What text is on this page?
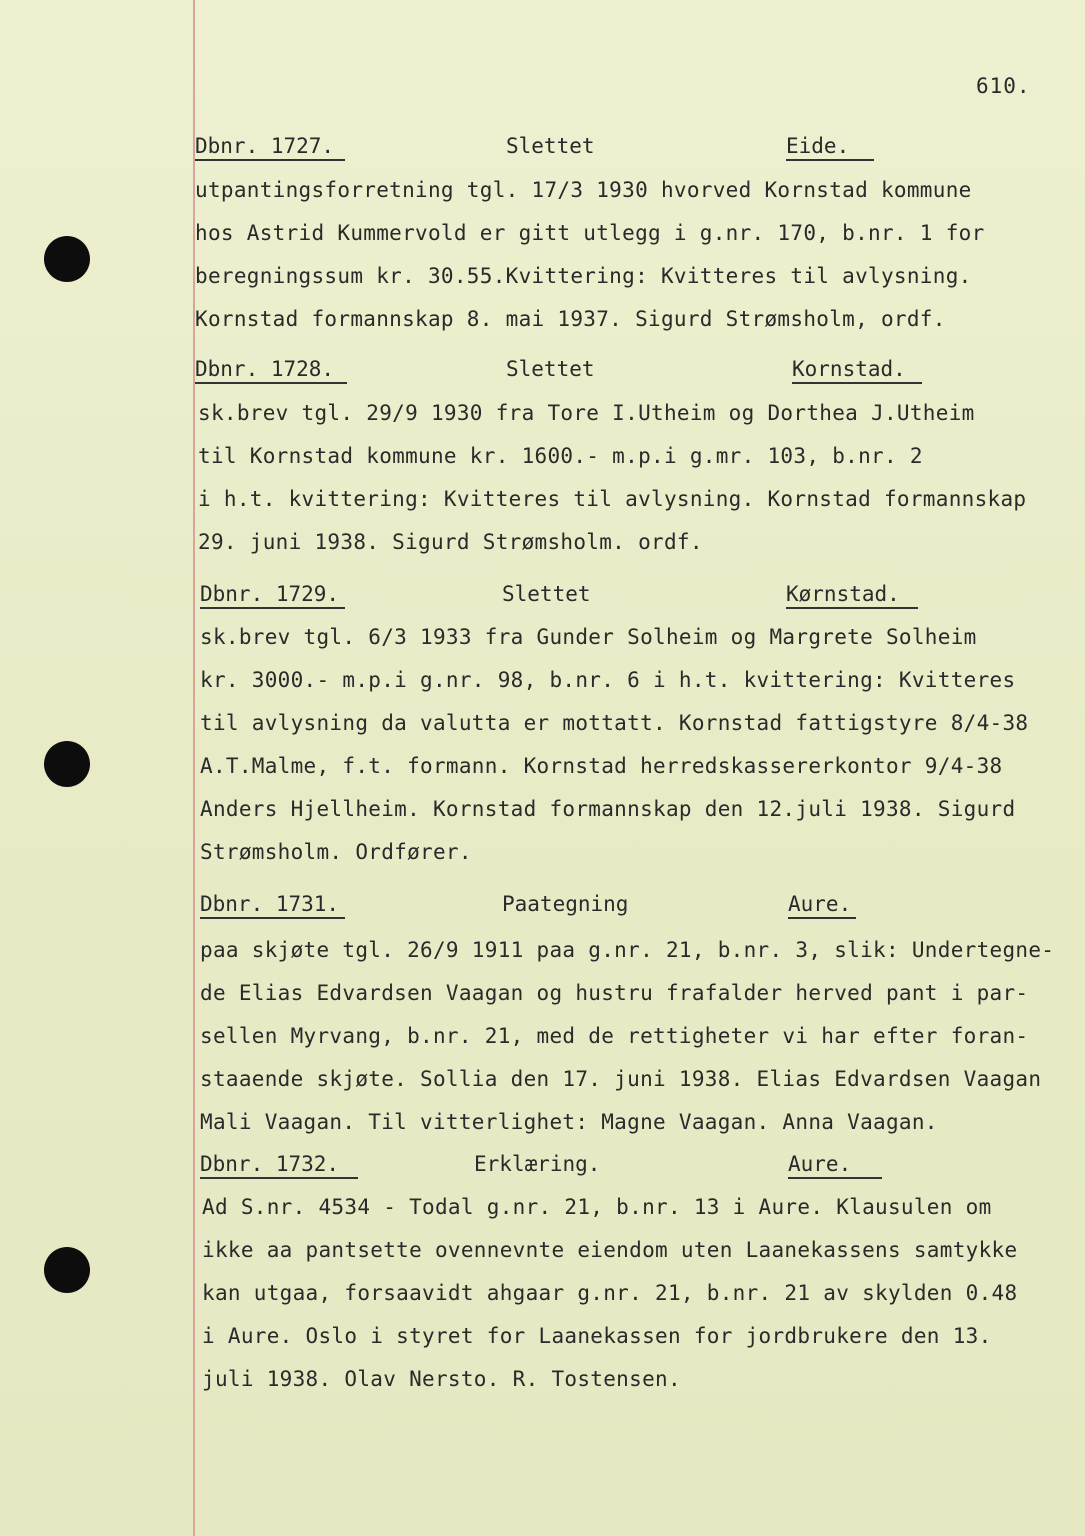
610.
Dbnr. 1727.	Slettet	Eide.
utpantingsforretning tgl. 17/3 1930 hvorved Kornstad kommune
hos Astrid Kummervold er gitt utlegg i g.nr. 170, b.nr. 1 for
beregningssum kr. 30.55.Kvittering: Kvitteres til avlysning.
Kornstad formannskap 8. mai 1937. Sigurd Strømsholm, ordf.
Dbnr. 1728.	Slettet	Kornstad.
sk.brev tgl. 29/9 1930 fra Tore I.Utheim og Dorthea J.Utheim
til Kornstad kommune kr. 1600.- m.p.i g.mr. 103, b.nr. 2
i h.t. kvittering: Kvitteres til avlysning. Kornstad formannskap
29. juni 1938. Sigurd Strømsholm. ordf.
Dbnr. 1729.	Slettet	Kørnstad.
sk.brev tgl. 6/3 1933 fra Gunder Solheim og Margrete Solheim
kr. 3000.- m.p.i g.nr. 98, b.nr. 6 i h.t. kvittering: Kvitteres
til avlysning da valutta er mottatt. Kornstad fattigstyre 8/4-38
A.T.Malme, f.t. formann. Kornstad herredskassererkontor 9/4-38
Anders Hjellheim. Kornstad formannskap den 12.juli 1938. Sigurd
Strømsholm. Ordfører.
Dbnr. 1731.	Paategning	Aure.
paa skjøte tgl. 26/9 1911 paa g.nr. 21, b.nr. 3, slik: Undertegne-
de Elias Edvardsen Vaagan og hustru frafalder herved pant i par-
sellen Myrvang, b.nr. 21, med de rettigheter vi har efter foran-
staaende skjøte. Sollia den 17. juni 1938. Elias Edvardsen Vaagan
Mali Vaagan. Til vitterlighet: Magne Vaagan. Anna Vaagan.
Dbnr. 1732.	Erklæring.	Aure.
Ad S.nr. 4534 - Todal g.nr. 21, b.nr. 13 i Aure. Klausulen om
ikke aa pantsette ovennevnte eiendom uten Laanekassens samtykke
kan utgaa, forsaavidt ahgaar g.nr. 21, b.nr. 21 av skylden 0.48
i Aure. Oslo i styret for Laanekassen for jordbrukere den 13.
juli 1938. Olav Nersto. R. Tostensen.
